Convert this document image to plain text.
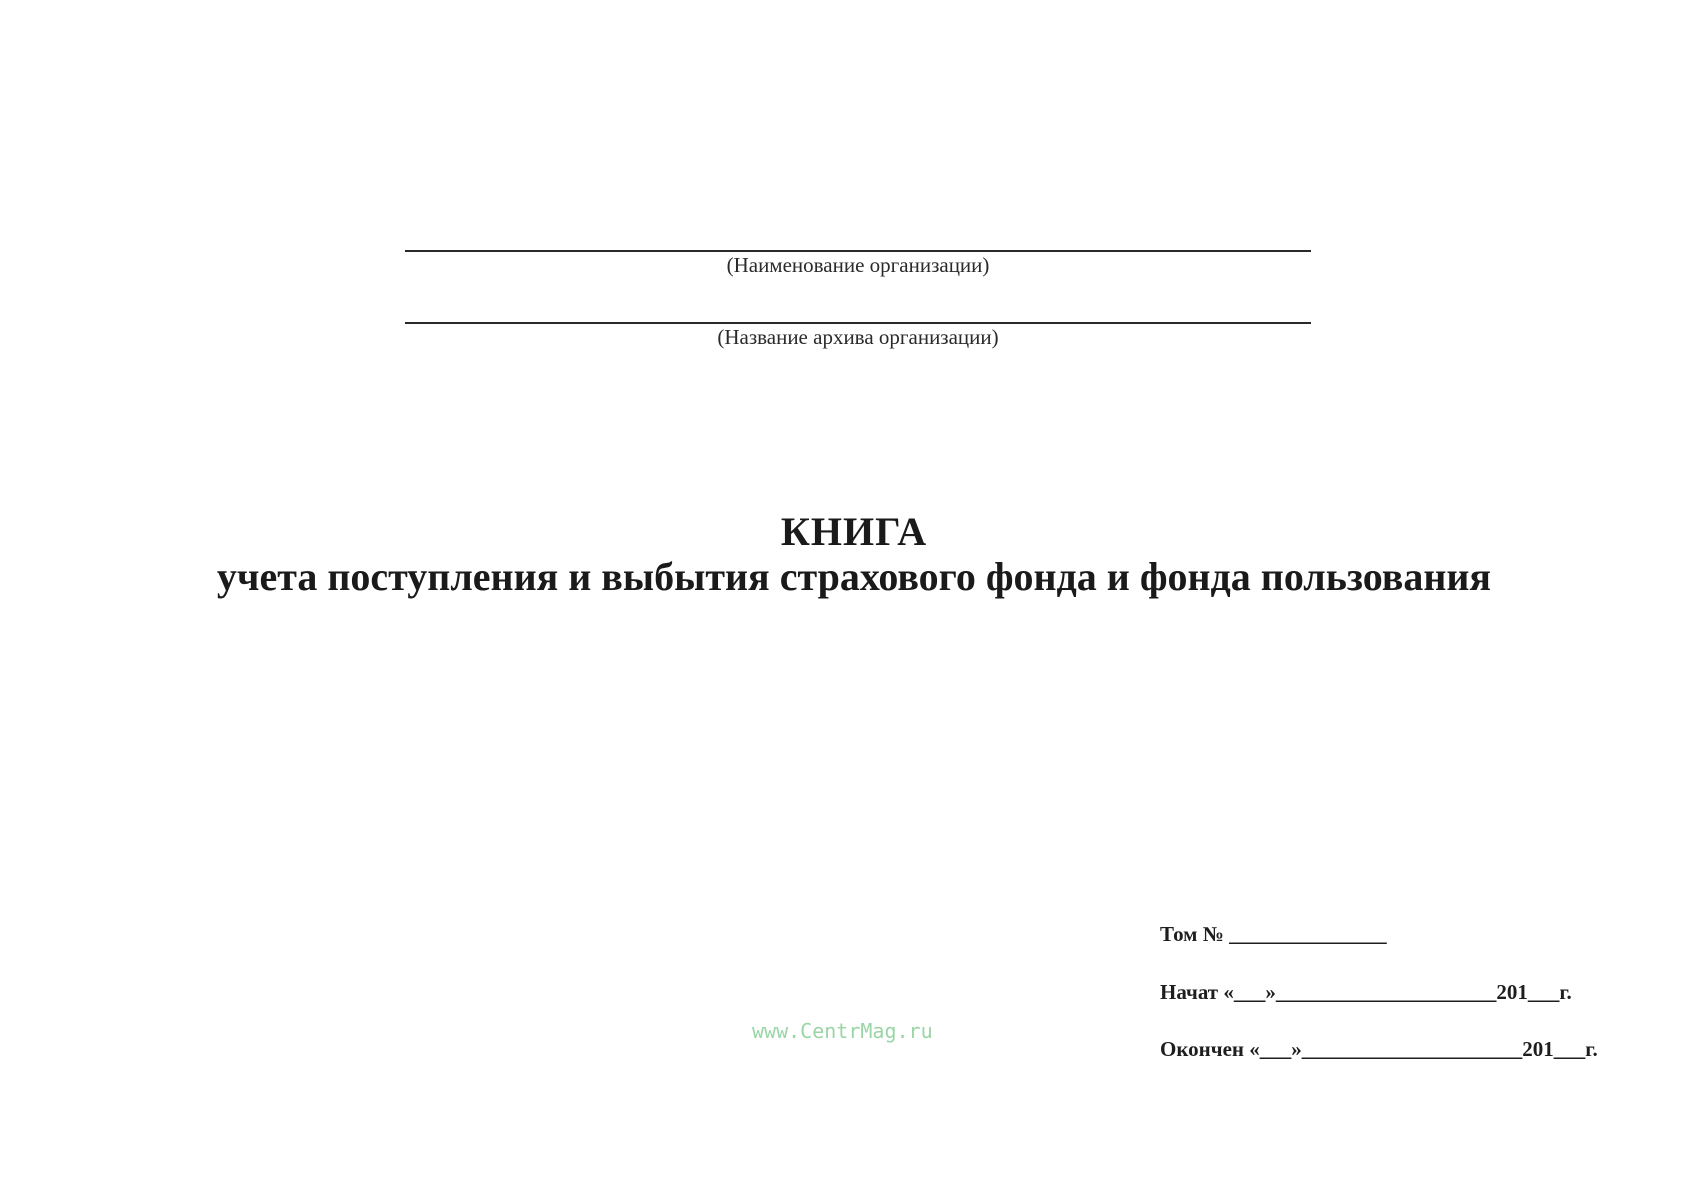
(Наименование организации)
(Название архива организации)
КНИГА
учета поступления и выбытия страхового фонда и фонда пользования
www.CentrMag.ru
Том № _______________
Начат «___»_____________________201___г.
Окончен «___»_____________________201___г.
